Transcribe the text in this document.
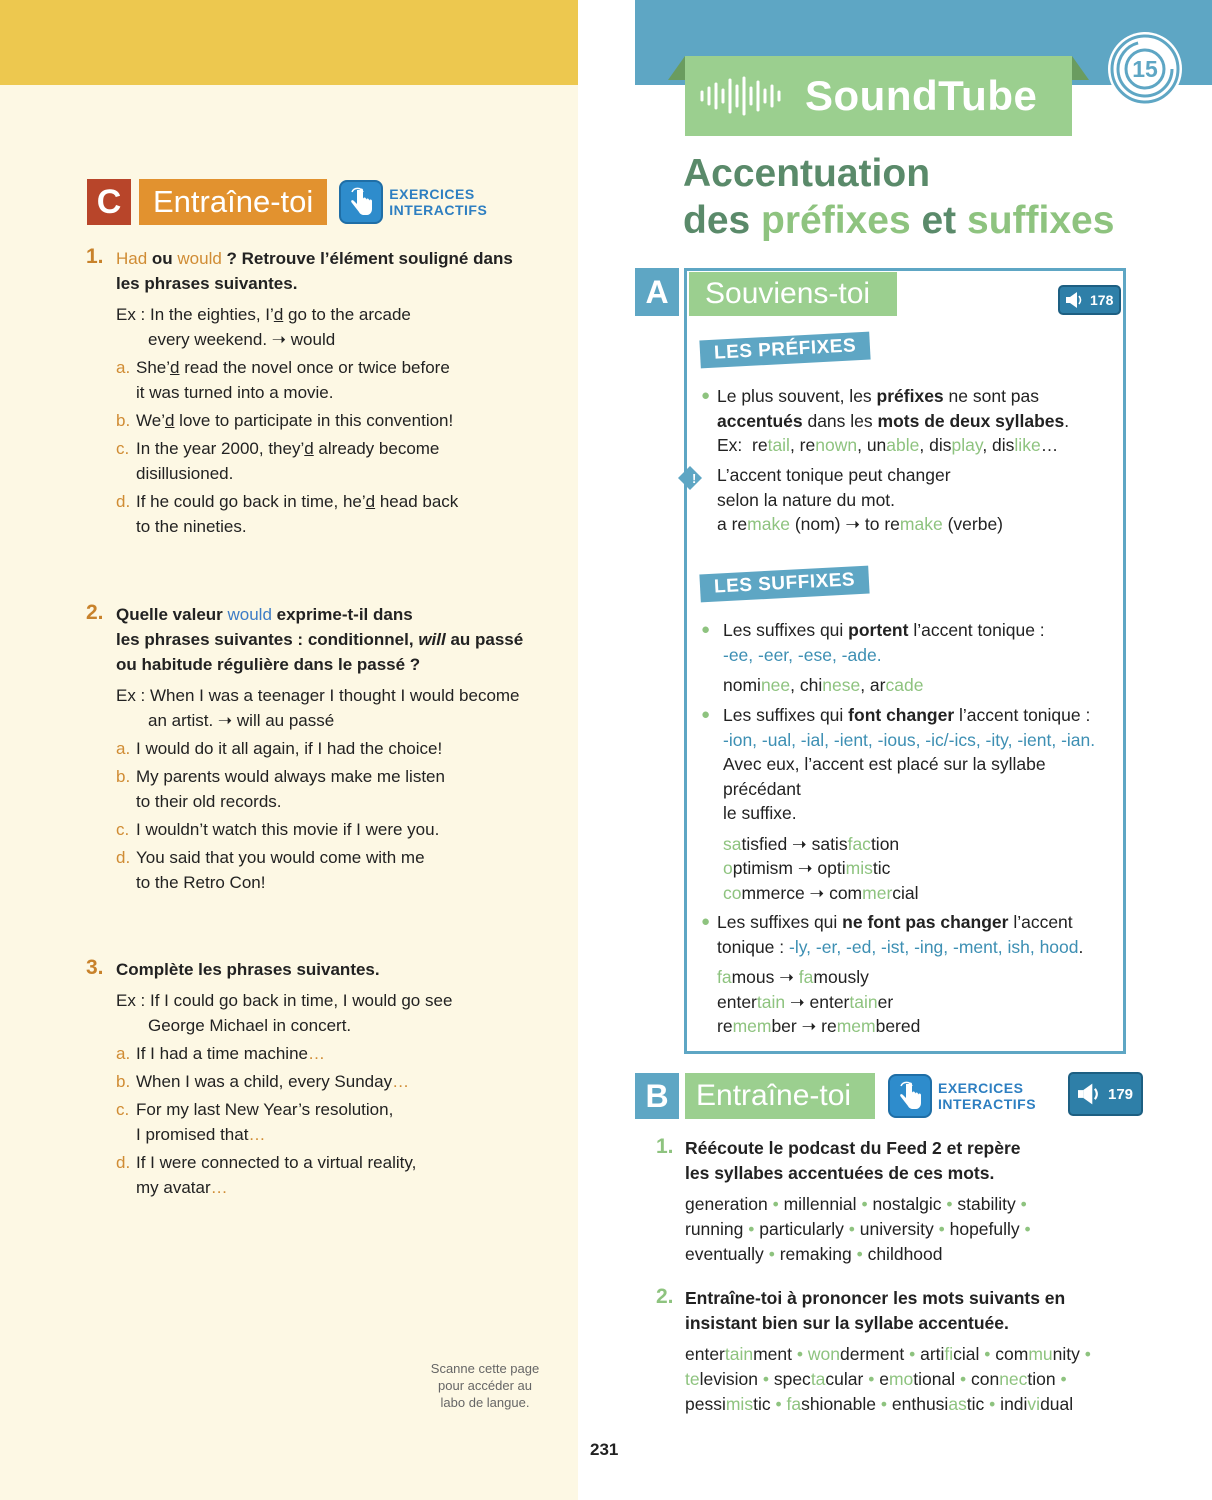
C	Entraîne-toi	EXERCICES
INTERACTIFS
1. Had ou would ? Retrouve l’élément souligné dans
les phrases suivantes.
Ex : In the eighties, I’d go to the arcade
every weekend. ➝ would
a. She’d read the novel once or twice before
it was turned into a movie.
b. We’d love to participate in this convention!
c. In the year 2000, they’d already become
disillusioned.
d. If he could go back in time, he’d head back
to the nineties.
2. Quelle valeur would exprime-t-il dans
les phrases suivantes : conditionnel, will au passé
ou habitude régulière dans le passé ?
Ex : When I was a teenager I thought I would become
an artist. ➝ will au passé
a. I would do it all again, if I had the choice!
b. My parents would always make me listen
to their old records.
c. I wouldn’t watch this movie if I were you.
d. You said that you would come with me
to the Retro Con!
3. Complète les phrases suivantes.
Ex : If I could go back in time, I would go see
George Michael in concert.
a. If I had a time machine…
b. When I was a child, every Sunday…
c. For my last New Year’s resolution,
I promised that…
d. If I were connected to a virtual reality,
my avatar…
Scanne cette page
pour accéder au
labo de langue.
231
SoundTube
15
Accentuation
des préfixes et suffixes
A	Souviens-toi	178
LES PRÉFIXES
● Le plus souvent, les préfixes ne sont pas
accentués dans les mots de deux syllabes.
Ex:  retail, renown, unable, display, dislike…
! L’accent tonique peut changer
selon la nature du mot.
a remake (nom) ➝ to remake (verbe)
LES SUFFIXES
● Les suffixes qui portent l’accent tonique :
-ee, -eer, -ese, -ade.

nominee, chinese, arcade
● Les suffixes qui font changer l’accent tonique :
-ion, -ual, -ial, -ient, -ious, -ic/-ics, -ity, -ient, -ian.
Avec eux, l’accent est placé sur la syllabe
précédant
le suffixe.

satisfied ➝ satisfaction
optimism ➝ optimistic
commerce ➝ commercial
● Les suffixes qui ne font pas changer l’accent
tonique : -ly, -er, -ed, -ist, -ing, -ment, ish, hood.

famous ➝ famously
entertain ➝ entertainer
remember ➝ remembered
B Entraîne-toi	EXERCICES
INTERACTIFS
179
1. Réécoute le podcast du Feed 2 et repère
les syllabes accentuées de ces mots.
generation • millennial • nostalgic • stability •
running • particularly • university • hopefully •
eventually • remaking • childhood
2. Entraîne-toi à prononcer les mots suivants en
insistant bien sur la syllabe accentuée.
entertainment • wonderment • artificial • community •
television • spectacular • emotional • connection •
pessimistic • fashionable • enthusiastic • individual
